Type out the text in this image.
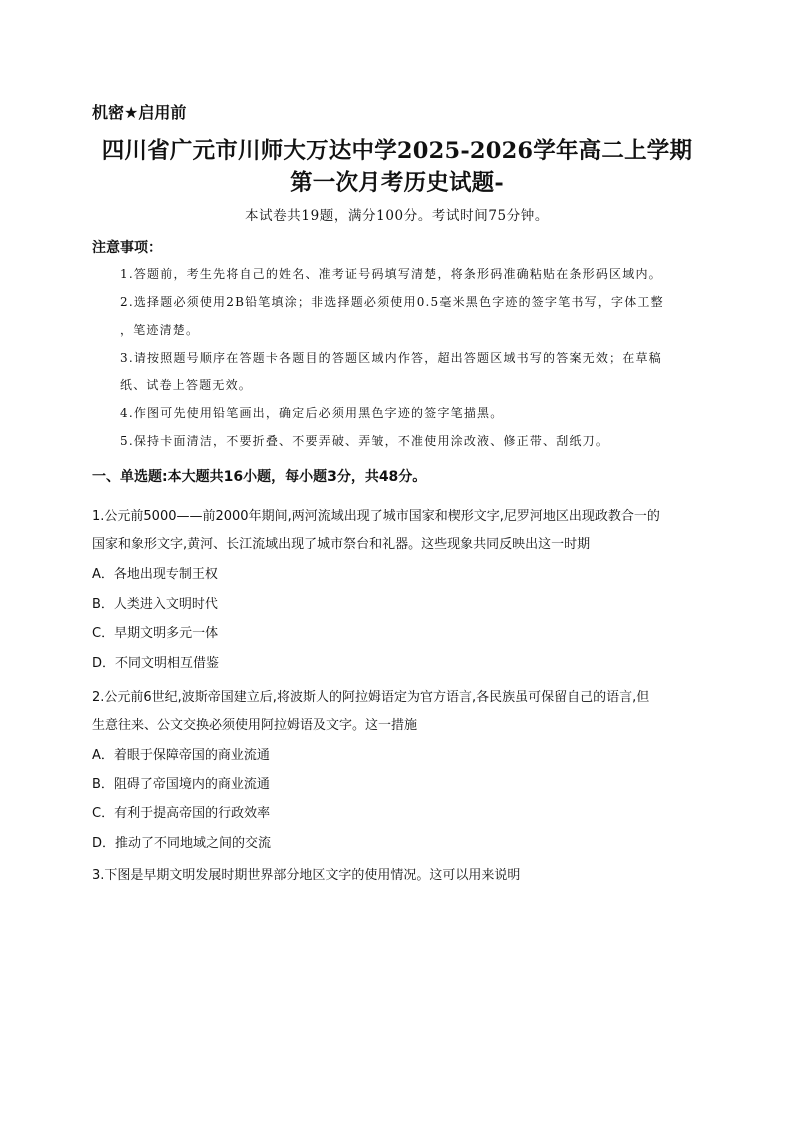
机密★启用前
四川省广元市川师大万达中学2025-2026学年高二上学期
第一次月考历史试题-
本试卷共19题，满分100分。考试时间75分钟。
注意事项：
1.答题前，考生先将自己的姓名、准考证号码填写清楚，将条形码准确粘贴在条形码区域内。
2.选择题必须使用2B铅笔填涂；非选择题必须使用0.5毫米黑色字迹的签字笔书写，字体工整
，笔迹清楚。
3.请按照题号顺序在答题卡各题目的答题区域内作答，超出答题区域书写的答案无效；在草稿
纸、试卷上答题无效。
4.作图可先使用铅笔画出，确定后必须用黑色字迹的签字笔描黑。
5.保持卡面清洁，不要折叠、不要弄破、弄皱，不准使用涂改液、修正带、刮纸刀。
一、单选题:本大题共16小题，每小题3分，共48分。
1.公元前5000——前2000年期间,两河流域出现了城市国家和楔形文字,尼罗河地区出现政教合一的
国家和象形文字,黄河、长江流域出现了城市祭台和礼器。这些现象共同反映出这一时期
A．各地出现专制王权
B．人类进入文明时代
C．早期文明多元一体
D．不同文明相互借鉴
2.公元前6世纪,波斯帝国建立后,将波斯人的阿拉姆语定为官方语言,各民族虽可保留自己的语言,但
生意往来、公文交换必须使用阿拉姆语及文字。这一措施
A．着眼于保障帝国的商业流通
B．阻碍了帝国境内的商业流通
C．有利于提高帝国的行政效率
D．推动了不同地域之间的交流
3.下图是早期文明发展时期世界部分地区文字的使用情况。这可以用来说明
